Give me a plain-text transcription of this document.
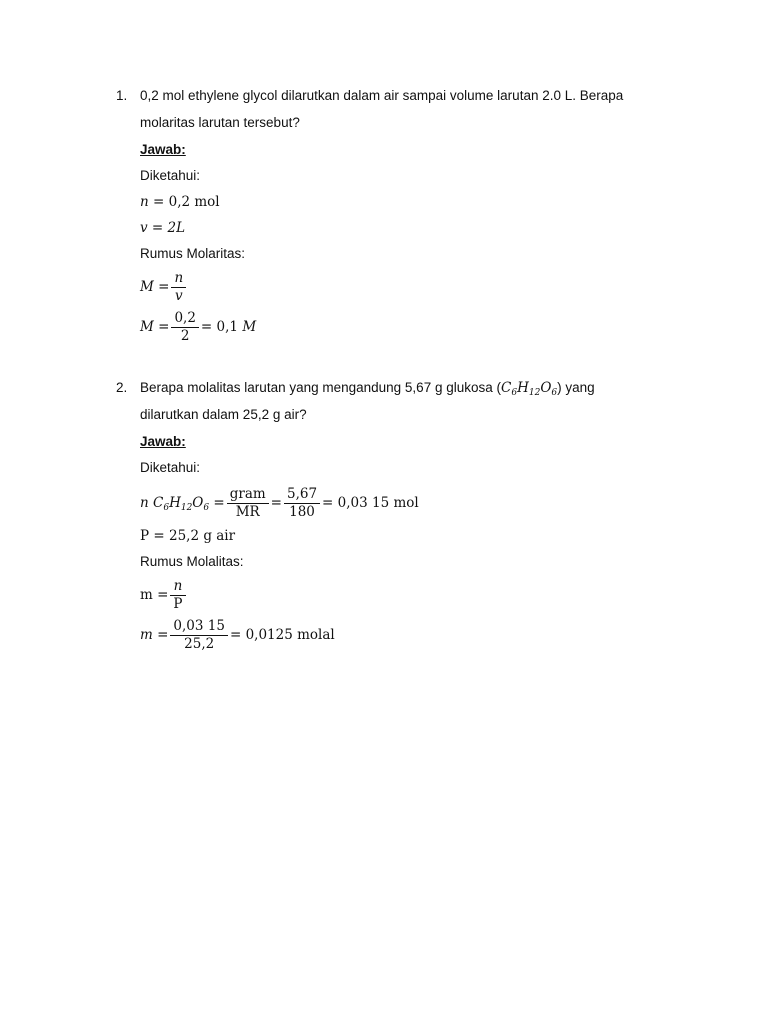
1. 0,2 mol ethylene glycol dilarutkan dalam air sampai volume larutan 2.0 L. Berapa
molaritas larutan tersebut?
Jawab:
Diketahui:
n = 0,2 mol
v = 2L
Rumus Molaritas:
$M = \frac{n}{v}$
$M = \frac{0,2}{2} = 0,1$ M
2. Berapa molalitas larutan yang mengandung 5,67 g glukosa $(C_6H_{12}O_6)$ yang
dilarutkan dalam 25,2 g air?
Jawab:
Diketahui:
n $C_6H_{12}O_6 = \frac{\text{gram}}{MR} = \frac{5,67}{180} = 0,03$ 15 mol
P = 25,2 g air
Rumus Molalitas:
$m = \frac{n}{P}$
$m = \frac{0,03 15}{25,2} = 0,0125$ molal
